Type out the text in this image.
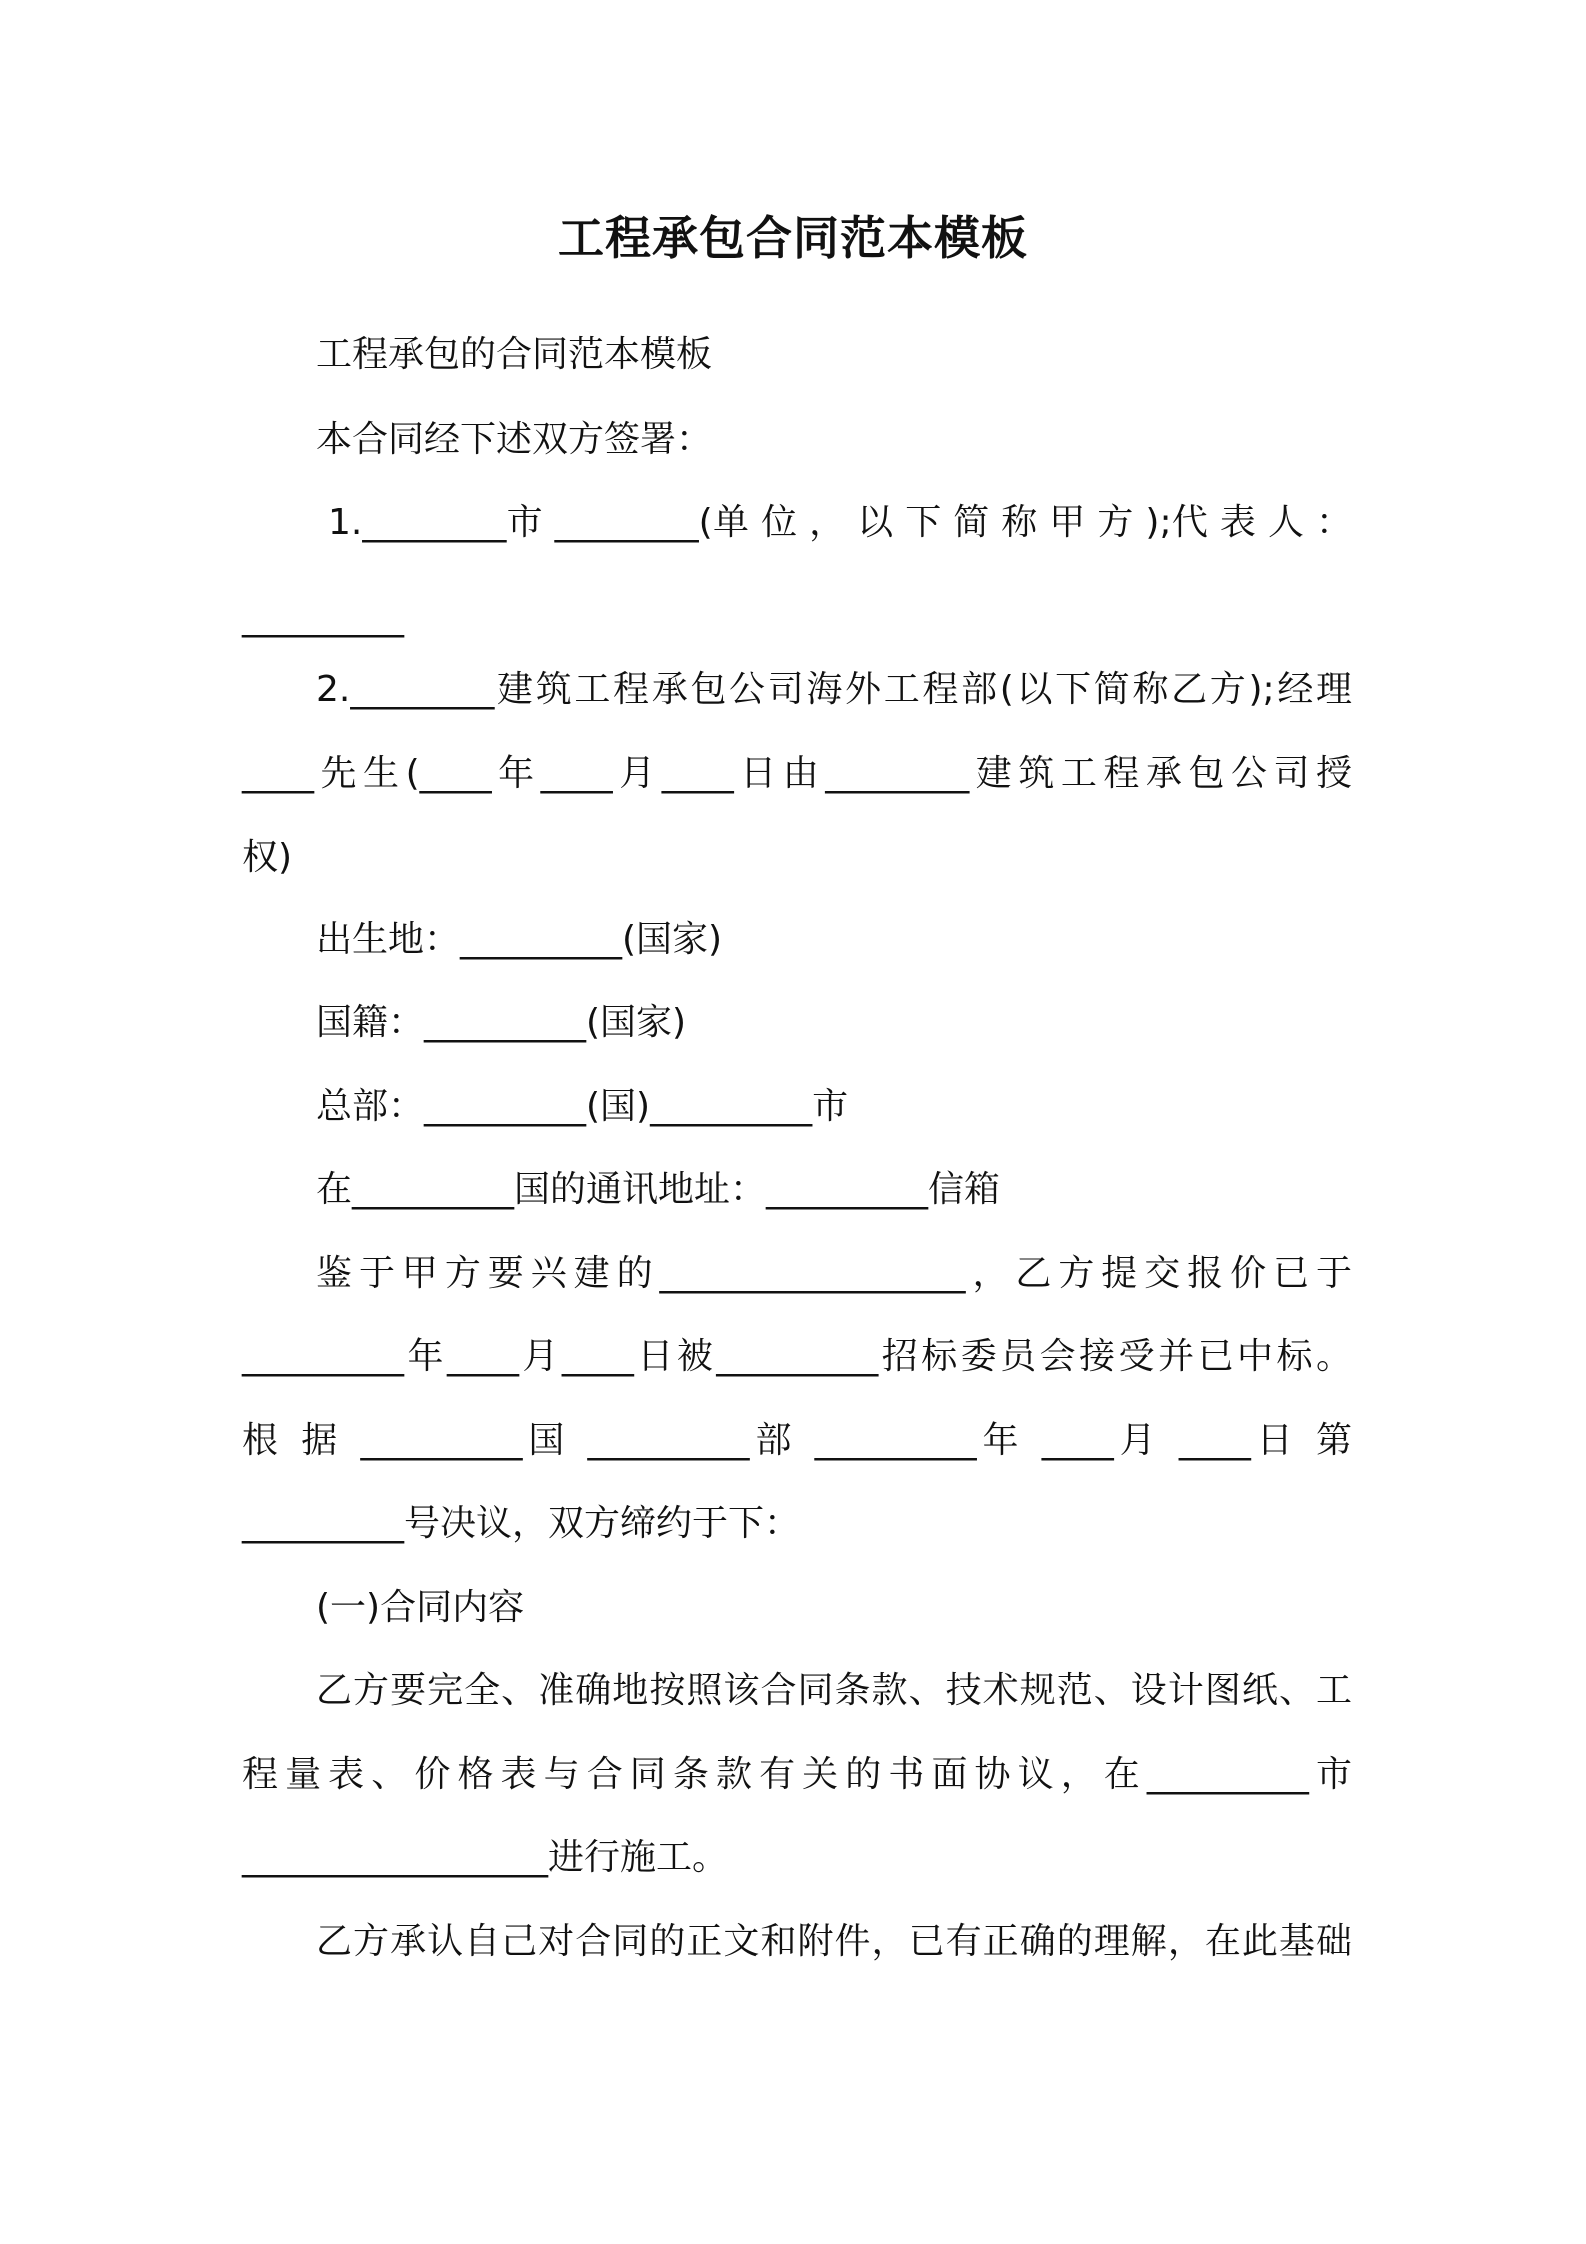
工程承包合同范本模板
工程承包的合同范本模板
本合同经下述双方签署：
1.________市 ________(单 位 ， 以 下 简 称 甲 方 );代 表 人 ：
_________
2.________建筑工程承包公司海外工程部(以下简称乙方);经理
____先生(____年____月____日由________建筑工程承包公司授
权)
出生地：_________(国家)
国籍：_________(国家)
总部：_________(国)_________市
在_________国的通讯地址：_________信箱
鉴于甲方要兴建的_________________，乙方提交报价已于
_________年____月____日被_________招标委员会接受并已中标。
根 据 _________国 _________部 _________年 ____月 ____日 第
_________号决议，双方缔约于下：
(一)合同内容
乙方要完全、准确地按照该合同条款、技术规范、设计图纸、工
程量表、价格表与合同条款有关的书面协议，在_________市
_________________进行施工。
乙方承认自己对合同的正文和附件，已有正确的理解，在此基础
